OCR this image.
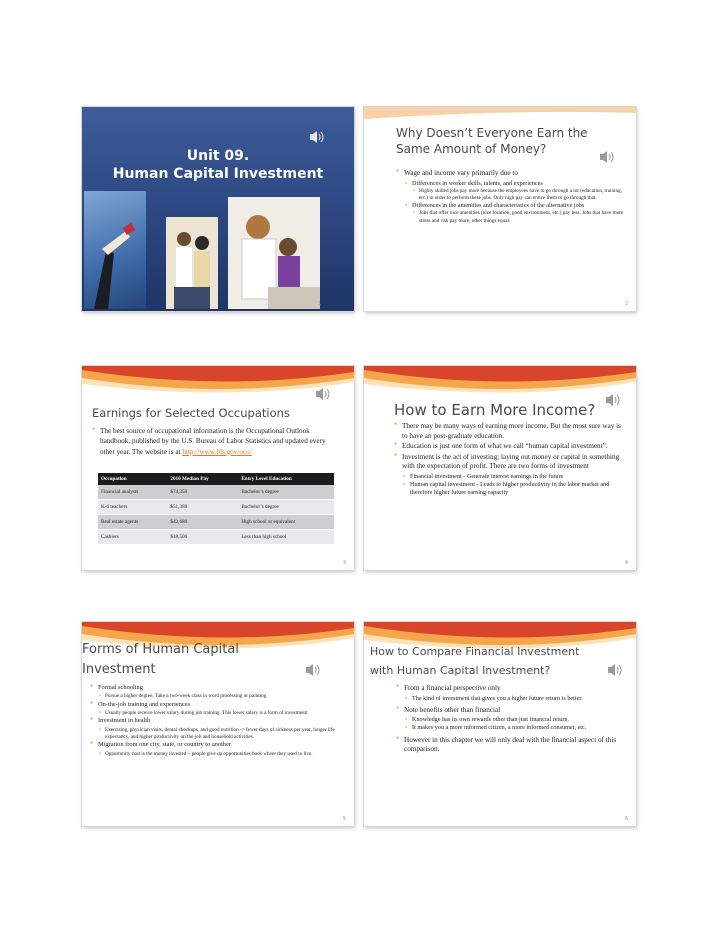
Unit 09.
Human Capital Investment
1
Why Doesn’t Everyone Earn the Same Amount of Money?
● Wage and income vary primarily due to
● Differences in worker skills, talents, and experiences
● Highly skilled jobs pay more because the employees have to go through a lot (education, training, etc.) in order to perform these jobs. Only high pay can entice them to go through that.
● Differences in the amenities and characteristics of the alternative jobs
● Jobs that offer nice amenities (nice location, good environment, etc.) pay less. Jobs that have more stress and risk pay more, other things equal.
2
Earnings for Selected Occupations
● The best source of occupational information is the Occupational Outlook handbook, published by the U.S. Bureau of Labor Statistics and updated every other year. The website is at http://www.bls.gov/oco/
Occupation	2010 Median Pay	Entry Level Education
Financial analysts	$74,350	Bachelor’s degree
K-6 teachers	$51,380	Bachelor’s degree
Real estate agents	$42,680	High school or equivalent
Cashiers	$18,500	Less than high school
3
How to Earn More Income?
● There may be many ways of earning more income. But the most sure way is to have an post-graduate education.
● Education is just one form of what we call “human capital investment”.
● Investment is the act of investing; laying out money or capital in something with the expectation of profit. There are two forms of investment
● Financial investment - Generate interest earnings in the future
● Human capital investment - Leads to higher productivity in the labor market and therefore higher future earning capacity
4
Forms of Human Capital
Investment
● Formal schooling
● Pursue a higher degree, Take a two-week class in word processing or painting
● On-the-job training and experiences
● Usually people receive lower salary during job training. This lower salary is a form of investment
● Investment in health
● Exercising, physician visits, dental checkups, and good nutrition -> fewer days of sickness per year, longer life expectancy, and higher productivity on the job and household activities.
● Migration from one city, state, or country to another
● Opportunity cost is the money invested – people give up opportunities back where they used to live.
5
How to Compare Financial Investment
with Human Capital Investment?
● From a financial perspective only
● The kind of investment that gives you a higher future return is better.
● Note benefits other than financial
● Knowledge has its own rewards other than just financial return.
● It makes you a more informed citizen, a more informed consumer, etc.
● However in this chapter we will only deal with the financial aspect of this comparison.
6
